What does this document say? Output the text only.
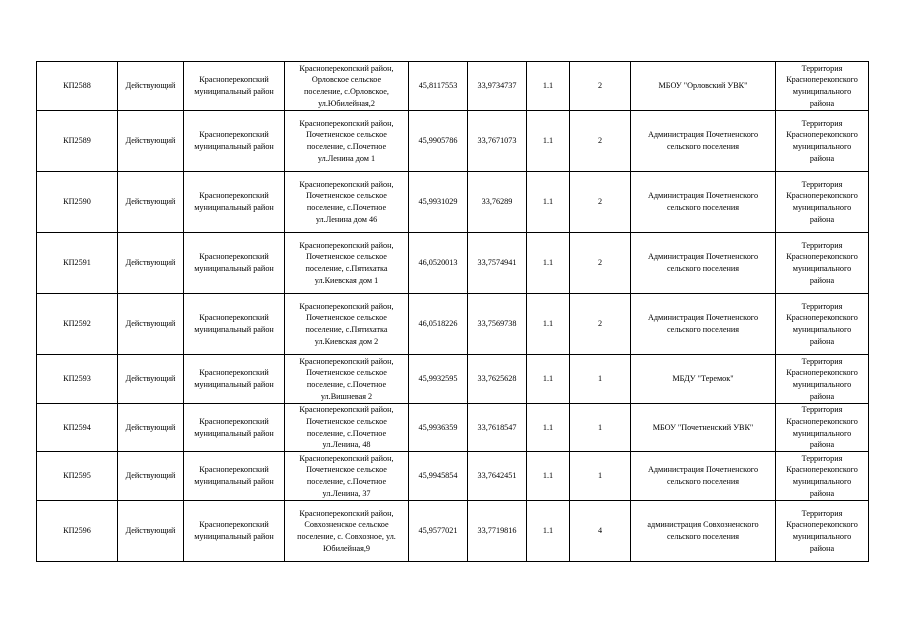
КП2588	Действующий	Красноперекопский муниципальный район	Красноперекопский район,
Орловское сельское
поселение, с.Орловское,
ул.Юбилейная,2	45,8117553	33,9734737	1.1	2	МБОУ "Орловский УВК"	Территория
Красноперекопского
муниципального
района

КП2589	Действующий	Красноперекопский муниципальный район	Красноперекопский район,
Почетненское сельское
поселение, с.Почетное
ул.Ленина дом 1	45,9905786	33,7671073	1.1	2	Администрация Почетненского
сельского поселения	Территория
Красноперекопского
муниципального
района

КП2590	Действующий	Красноперекопский муниципальный район	Красноперекопский район,
Почетненское сельское
поселение, с.Почетное
ул.Ленина дом 46	45,9931029	33,76289	1.1	2	Администрация Почетненского
сельского поселения	Территория
Красноперекопского
муниципального
района

КП2591	Действующий	Красноперекопский муниципальный район	Красноперекопский район,
Почетненское сельское
поселение, с.Пятихатка
ул.Киевская дом 1	46,0520013	33,7574941	1.1	2	Администрация Почетненского
сельского поселения	Территория
Красноперекопского
муниципального
района

КП2592	Действующий	Красноперекопский муниципальный район	Красноперекопский район,
Почетненское сельское
поселение, с.Пятихатка
ул.Киевская дом 2	46,0518226	33,7569738	1.1	2	Администрация Почетненского
сельского поселения	Территория
Красноперекопского
муниципального
района

КП2593	Действующий	Красноперекопский муниципальный район	Красноперекопский район,
Почетненское сельское
поселение, с.Почетное
ул.Вишневая 2	45,9932595	33,7625628	1.1	1	МБДУ "Теремок"	Территория
Красноперекопского
муниципального
района

КП2594	Действующий	Красноперекопский муниципальный район	Красноперекопский район,
Почетненское сельское
поселение, с.Почетное
ул.Ленина, 48	45,9936359	33,7618547	1.1	1	МБОУ "Почетненский УВК"	Территория
Красноперекопского
муниципального
района

КП2595	Действующий	Красноперекопский муниципальный район	Красноперекопский район,
Почетненское сельское
поселение, с.Почетное
ул.Ленина, 37	45,9945854	33,7642451	1.1	1	Администрация Почетненского
сельского поселения	Территория
Красноперекопского
муниципального
района

КП2596	Действующий	Красноперекопский муниципальный район	Красноперекопский район,
Совхозненское сельское
поселение, с. Совхозное, ул.
Юбилейная,9	45,9577021	33,7719816	1.1	4	администрация Совхозненского
сельского поселения	Территория
Красноперекопского
муниципального
района
